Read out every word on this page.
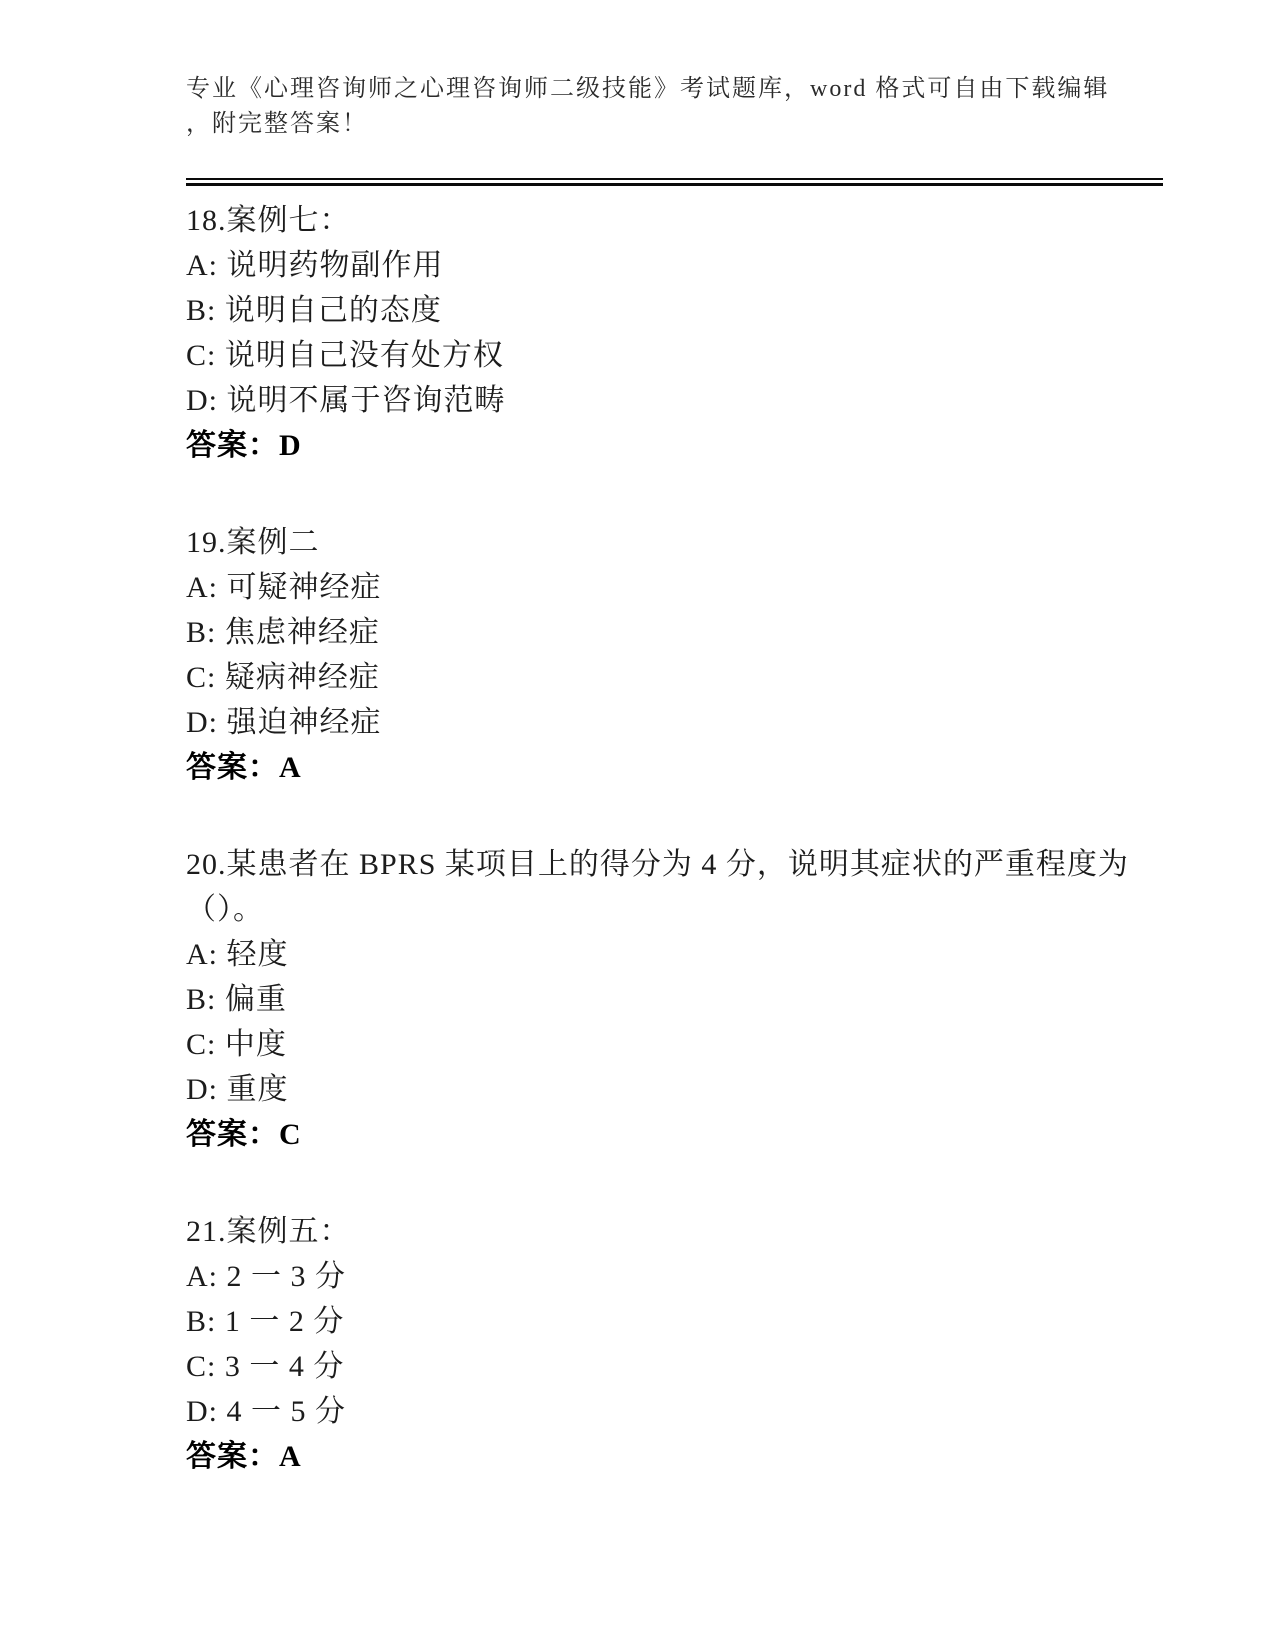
专业《心理咨询师之心理咨询师二级技能》考试题库，word 格式可自由下载编辑
，附完整答案！
18.案例七：
A: 说明药物副作用
B: 说明自己的态度
C: 说明自己没有处方权
D: 说明不属于咨询范畴
答案：D
19.案例二
A: 可疑神经症
B: 焦虑神经症
C: 疑病神经症
D: 强迫神经症
答案：A
20.某患者在 BPRS 某项目上的得分为 4 分，说明其症状的严重程度为
（）。
A: 轻度
B: 偏重
C: 中度
D: 重度
答案：C
21.案例五：
A: 2 一 3 分
B: 1 一 2 分
C: 3 一 4 分
D: 4 一 5 分
答案：A
